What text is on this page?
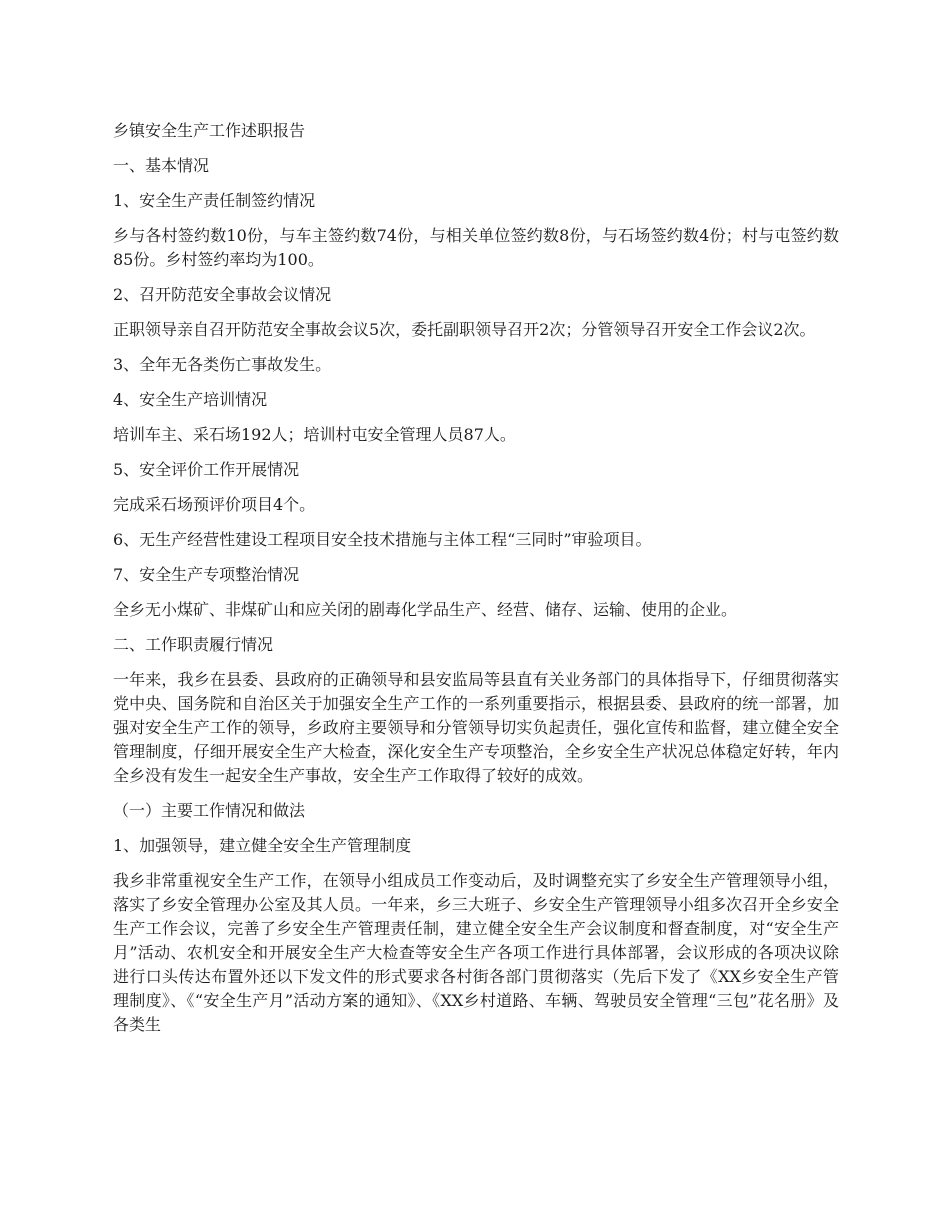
乡镇安全生产工作述职报告

一、基本情况

1、安全生产责任制签约情况

乡与各村签约数10份，与车主签约数74份，与相关单位签约数8份，与石场签约数4份；村与屯签约数85份。乡村签约率均为100。

2、召开防范安全事故会议情况

正职领导亲自召开防范安全事故会议5次，委托副职领导召开2次；分管领导召开安全工作会议2次。

3、全年无各类伤亡事故发生。

4、安全生产培训情况

培训车主、采石场192人；培训村屯安全管理人员87人。

5、安全评价工作开展情况

完成采石场预评价项目4个。

6、无生产经营性建设工程项目安全技术措施与主体工程“三同时”审验项目。

7、安全生产专项整治情况

全乡无小煤矿、非煤矿山和应关闭的剧毒化学品生产、经营、储存、运输、使用的企业。

二、工作职责履行情况

一年来，我乡在县委、县政府的正确领导和县安监局等县直有关业务部门的具体指导下，仔细贯彻落实党中央、国务院和自治区关于加强安全生产工作的一系列重要指示，根据县委、县政府的统一部署，加强对安全生产工作的领导，乡政府主要领导和分管领导切实负起责任，强化宣传和监督，建立健全安全管理制度，仔细开展安全生产大检查，深化安全生产专项整治，全乡安全生产状况总体稳定好转，年内全乡没有发生一起安全生产事故，安全生产工作取得了较好的成效。

（一）主要工作情况和做法

1、加强领导，建立健全安全生产管理制度

我乡非常重视安全生产工作，在领导小组成员工作变动后，及时调整充实了乡安全生产管理领导小组，落实了乡安全管理办公室及其人员。一年来，乡三大班子、乡安全生产管理领导小组多次召开全乡安全生产工作会议，完善了乡安全生产管理责任制，建立健全安全生产会议制度和督查制度，对“安全生产月”活动、农机安全和开展安全生产大检查等安全生产各项工作进行具体部署，会议形成的各项决议除进行口头传达布置外还以下发文件的形式要求各村街各部门贯彻落实（先后下发了《XX乡安全生产管理制度》、《“安全生产月”活动方案的通知》、《XX乡村道路、车辆、驾驶员安全管理“三包”花名册》及各类生
